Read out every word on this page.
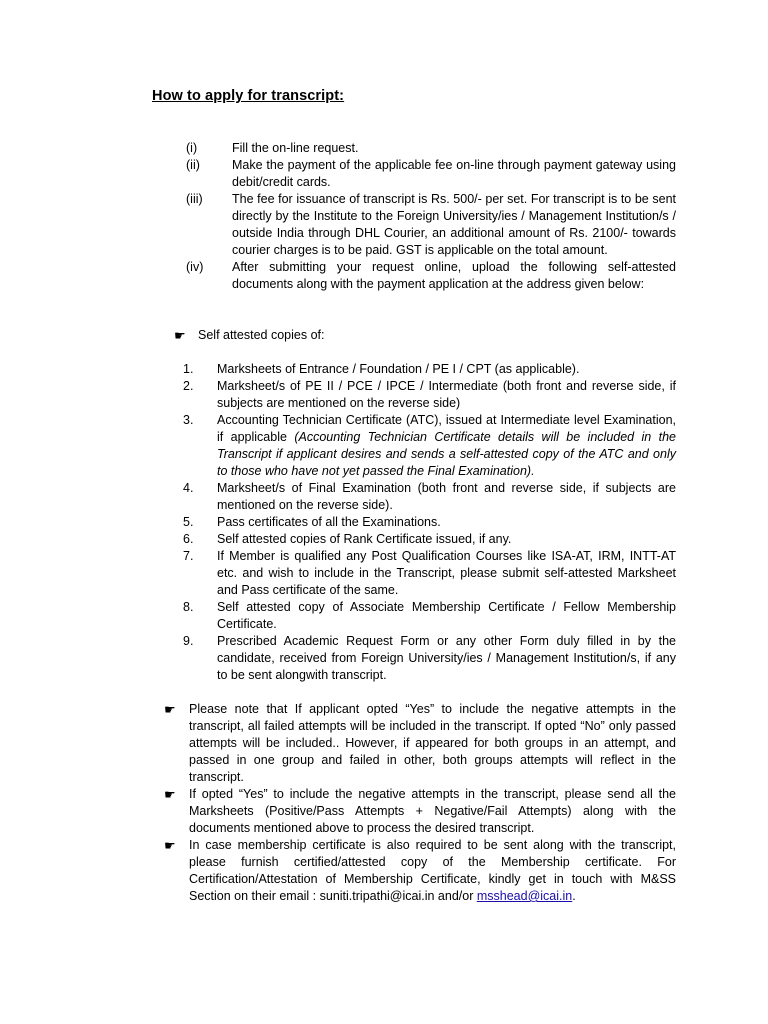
How to apply for transcript:
(i)	Fill the on-line request.
(ii)	Make the payment of the applicable fee on-line through payment gateway using debit/credit cards.
(iii)	The fee for issuance of transcript is Rs. 500/- per set. For transcript is to be sent directly by the Institute to the Foreign University/ies / Management Institution/s / outside India through DHL Courier, an additional amount of Rs. 2100/- towards courier charges is to be paid. GST is applicable on the total amount.
(iv)	After submitting your request online, upload the following self-attested documents along with the payment application at the address given below:
☛ Self attested copies of:
1.	Marksheets of Entrance / Foundation / PE I / CPT (as applicable).
2.	Marksheet/s of PE II / PCE / IPCE / Intermediate (both front and reverse side, if subjects are mentioned on the reverse side)
3.	Accounting Technician Certificate (ATC), issued at Intermediate level Examination, if applicable (Accounting Technician Certificate details will be included in the Transcript if applicant desires and sends a self-attested copy of the ATC and only to those who have not yet passed the Final Examination).
4.	Marksheet/s of Final Examination (both front and reverse side, if subjects are mentioned on the reverse side).
5.	Pass certificates of all the Examinations.
6.	Self attested copies of Rank Certificate issued, if any.
7.	If Member is qualified any Post Qualification Courses like ISA-AT, IRM, INTT-AT etc. and wish to include in the Transcript, please submit self-attested Marksheet and Pass certificate of the same.
8.	Self attested copy of Associate Membership Certificate / Fellow Membership Certificate.
9.	Prescribed Academic Request Form or any other Form duly filled in by the candidate, received from Foreign University/ies / Management Institution/s, if any to be sent alongwith transcript.
☛	Please note that If applicant opted “Yes” to include the negative attempts in the transcript, all failed attempts will be included in the transcript. If opted “No” only passed attempts will be included.. However, if appeared for both groups in an attempt, and passed in one group and failed in other, both groups attempts will reflect in the transcript.
☛	If opted “Yes” to include the negative attempts in the transcript, please send all the Marksheets (Positive/Pass Attempts + Negative/Fail Attempts) along with the documents mentioned above to process the desired transcript.
☛	In case membership certificate is also required to be sent along with the transcript, please furnish certified/attested copy of the Membership certificate. For Certification/Attestation of Membership Certificate, kindly get in touch with M&SS Section on their email : suniti.tripathi@icai.in and/or msshead@icai.in.
